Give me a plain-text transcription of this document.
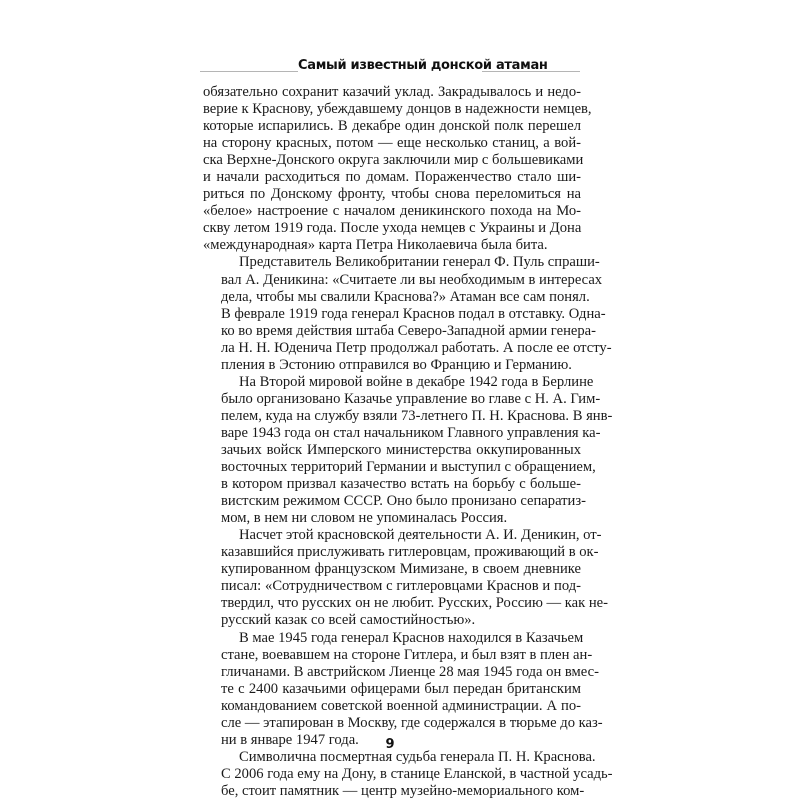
Самый известный донской атаман
обязательно сохранит казачий уклад. Закрадывалось и недо-
верие к Краснову, убеждавшему донцов в надежности немцев,
которые испарились. В декабре один донской полк перешел
на сторону красных, потом — еще несколько станиц, а вой-
ска Верхне-Донского округа заключили мир с большевиками
и начали расходиться по домам. Пораженчество стало ши-
риться по Донскому фронту, чтобы снова переломиться на
«белое» настроение с началом деникинского похода на Мо-
скву летом 1919 года. После ухода немцев с Украины и Дона
«международная» карта Петра Николаевича была бита.
Представитель Великобритании генерал Ф. Пуль спраши-
вал А. Деникина: «Считаете ли вы необходимым в интересах
дела, чтобы мы свалили Краснова?» Атаман все сам понял.
В феврале 1919 года генерал Краснов подал в отставку. Одна-
ко во время действия штаба Северо-Западной армии генера-
ла Н. Н. Юденича Петр продолжал работать. А после ее отсту-
пления в Эстонию отправился во Францию и Германию.
На Второй мировой войне в декабре 1942 года в Берлине
было организовано Казачье управление во главе с Н. А. Гим-
пелем, куда на службу взяли 73-летнего П. Н. Краснова. В янв-
варе 1943 года он стал начальником Главного управления ка-
зачьих войск Имперского министерства оккупированных
восточных территорий Германии и выступил с обращением,
в котором призвал казачество встать на борьбу с больше-
вистским режимом СССР. Оно было пронизано сепаратиз-
мом, в нем ни словом не упоминалась Россия.
Насчет этой красновской деятельности А. И. Деникин, от-
казавшийся прислуживать гитлеровцам, проживающий в ок-
купированном французском Мимизане, в своем дневнике
писал: «Сотрудничеством с гитлеровцами Краснов и под-
твердил, что русских он не любит. Русских, Россию — как не-
русский казак со всей самостийностью».
В мае 1945 года генерал Краснов находился в Казачьем
стане, воевавшем на стороне Гитлера, и был взят в плен ан-
гличанами. В австрийском Лиенце 28 мая 1945 года он вмес-
те с 2400 казачьими офицерами был передан британским
командованием советской военной администрации. А по-
сле — этапирован в Москву, где содержался в тюрьме до каз-
ни в январе 1947 года.
Символична посмертная судьба генерала П. Н. Краснова.
С 2006 года ему на Дону, в станице Еланской, в частной усадь-
бе, стоит памятник — центр музейно-мемориального ком-
9
